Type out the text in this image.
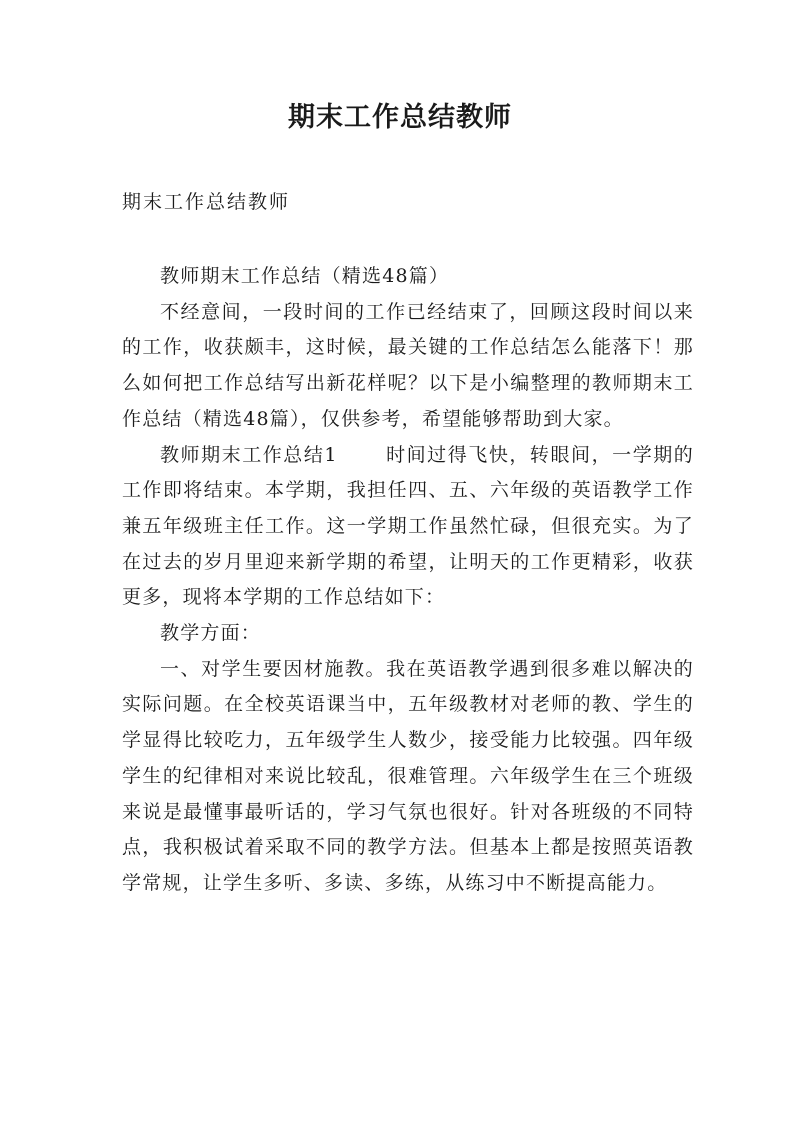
期末工作总结教师
期末工作总结教师

教师期末工作总结（精选48篇）

不经意间，一段时间的工作已经结束了，回顾这段时间以来的工作，收获颇丰，这时候，最关键的工作总结怎么能落下！那么如何把工作总结写出新花样呢？以下是小编整理的教师期末工作总结（精选48篇），仅供参考，希望能够帮助到大家。

教师期末工作总结1	时间过得飞快，转眼间，一学期的工作即将结束。本学期，我担任四、五、六年级的英语教学工作兼五年级班主任工作。这一学期工作虽然忙碌，但很充实。为了在过去的岁月里迎来新学期的希望，让明天的工作更精彩，收获更多，现将本学期的工作总结如下：

教学方面：

一、对学生要因材施教。我在英语教学遇到很多难以解决的实际问题。在全校英语课当中，五年级教材对老师的教、学生的学显得比较吃力，五年级学生人数少，接受能力比较强。四年级学生的纪律相对来说比较乱，很难管理。六年级学生在三个班级来说是最懂事最听话的，学习气氛也很好。针对各班级的不同特点，我积极试着采取不同的教学方法。但基本上都是按照英语教学常规，让学生多听、多读、多练，从练习中不断提高能力。
